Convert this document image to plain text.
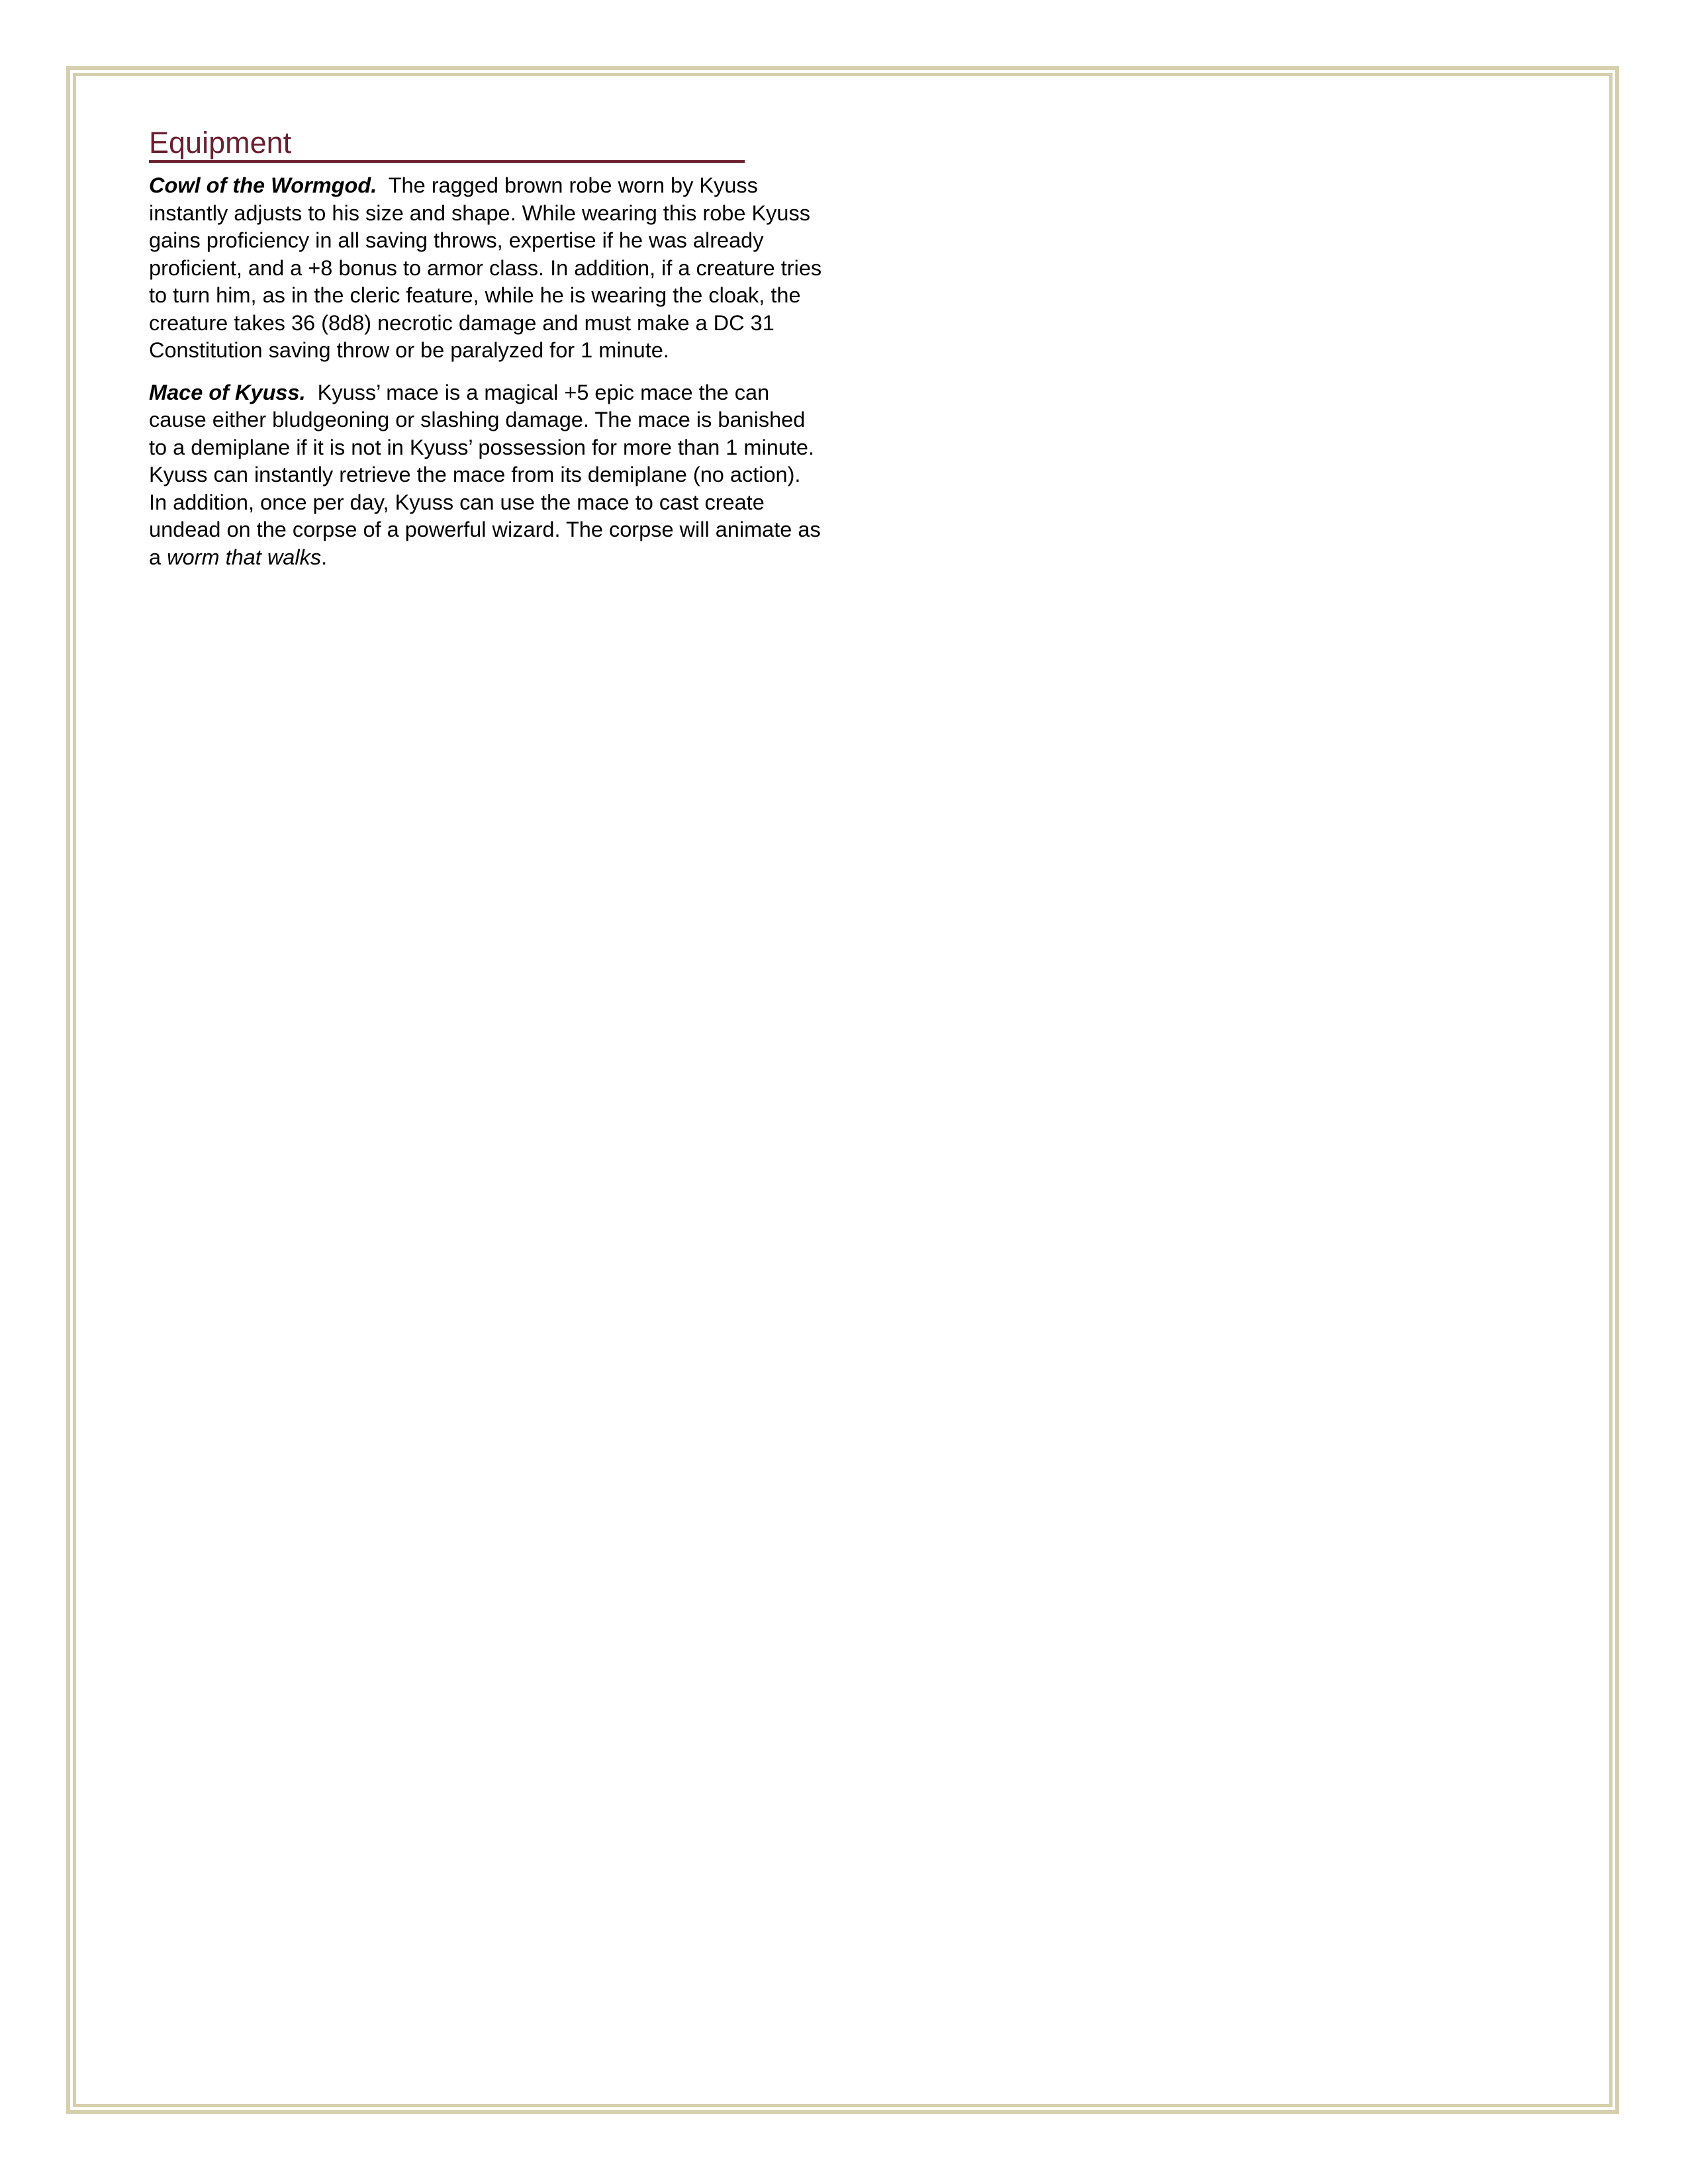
Equipment

Cowl of the Wormgod. The ragged brown robe worn by Kyuss instantly adjusts to his size and shape. While wearing this robe Kyuss gains proficiency in all saving throws, expertise if he was already proficient, and a +8 bonus to armor class. In addition, if a creature tries to turn him, as in the cleric feature, while he is wearing the cloak, the creature takes 36 (8d8) necrotic damage and must make a DC 31 Constitution saving throw or be paralyzed for 1 minute.

Mace of Kyuss. Kyuss’ mace is a magical +5 epic mace the can cause either bludgeoning or slashing damage. The mace is banished to a demiplane if it is not in Kyuss’ possession for more than 1 minute. Kyuss can instantly retrieve the mace from its demiplane (no action). In addition, once per day, Kyuss can use the mace to cast create undead on the corpse of a powerful wizard. The corpse will animate as a worm that walks.
